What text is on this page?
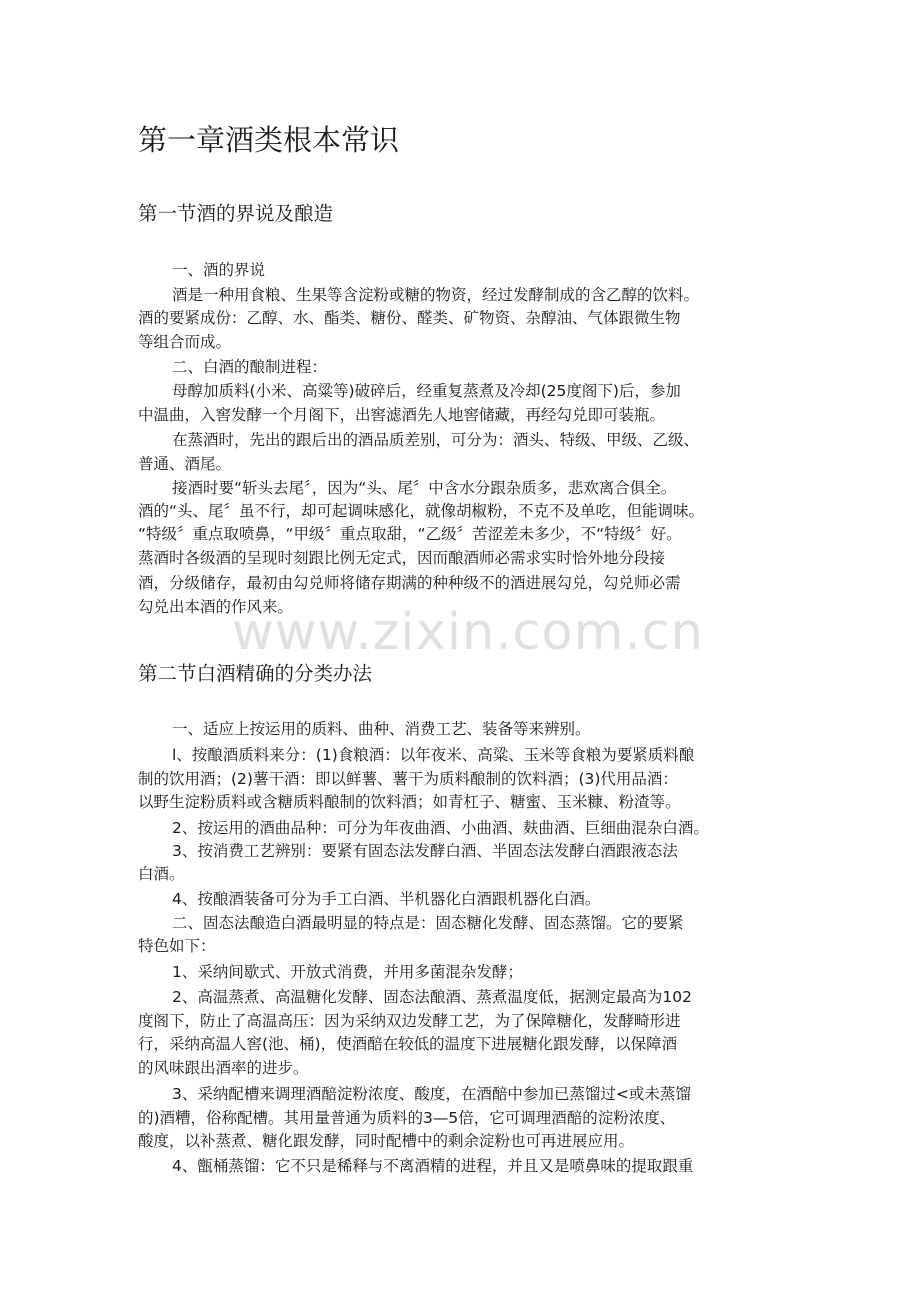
第一章酒类根本常识
第一节酒的界说及酿造
一、酒的界说
酒是一种用食粮、生果等含淀粉或糖的物资，经过发酵制成的含乙醇的饮料。
酒的要紧成份：乙醇、水、酯类、糖份、醛类、矿物资、杂醇油、气体跟微生物
等组合而成。
二、白酒的酿制进程：
母醇加质料(小米、高粱等)破碎后，经重复蒸煮及冷却(25度阁下)后，参加
中温曲，入窖发酵一个月阁下，出窖滤酒先人地窖储藏，再经勾兑即可装瓶。
在蒸酒时，先出的跟后出的酒品质差别，可分为：酒头、特级、甲级、乙级、
普通、酒尾。
接酒时要“斩头去尾〞，因为“头、尾〞中含水分跟杂质多，悲欢离合俱全。
酒的“头、尾〞虽不行，却可起调味感化，就像胡椒粉，不克不及单吃，但能调味。
“特级〞重点取喷鼻，“甲级〞重点取甜，“乙级〞苦涩差未多少，不“特级〞好。
蒸酒时各级酒的呈现时刻跟比例无定式，因而酿酒师必需求实时恰外地分段接
酒，分级储存，最初由勾兑师将储存期满的种种级不的酒进展勾兑，勾兑师必需
勾兑出本酒的作风来。
www.zixin.com.cn
第二节白酒精确的分类办法
一、适应上按运用的质料、曲种、消费工艺、装备等来辨别。
l、按酿酒质料来分：(1)食粮酒：以年夜米、高粱、玉米等食粮为要紧质料酿
制的饮用酒；(2)薯干酒：即以鲜薯、薯干为质料酿制的饮料酒；(3)代用品酒：
以野生淀粉质料或含糖质料酿制的饮料酒；如青杠子、糖蜜、玉米糠、粉渣等。
2、按运用的酒曲品种：可分为年夜曲酒、小曲酒、麸曲酒、巨细曲混杂白酒。
3、按消费工艺辨别：要紧有固态法发酵白酒、半固态法发酵白酒跟液态法
白酒。
4、按酿酒装备可分为手工白酒、半机器化白酒跟机器化白酒。
二、固态法酿造白酒最明显的特点是：固态糖化发酵、固态蒸馏。它的要紧
特色如下：
1、采纳间歇式、开放式消费，并用多菌混杂发酵；
2、高温蒸煮、高温糖化发酵、固态法酿酒、蒸煮温度低，据测定最高为102
度阁下，防止了高温高压：因为采纳双边发酵工艺，为了保障糖化，发酵畸形进
行，采纳高温人窖(池、桶)，使酒醅在较低的温度下进展糖化跟发酵，以保障酒
的风味跟出酒率的进步。
3、采纳配槽来调理酒醅淀粉浓度、酸度，在酒醅中参加已蒸馏过<或未蒸馏
的)酒糟，俗称配槽。其用量普通为质料的3—5倍，它可调理酒醅的淀粉浓度、
酸度，以补蒸煮、糖化跟发酵，同时配槽中的剩余淀粉也可再进展应用。
4、甑桶蒸馏：它不只是稀释与不离酒精的进程，并且又是喷鼻味的提取跟重
